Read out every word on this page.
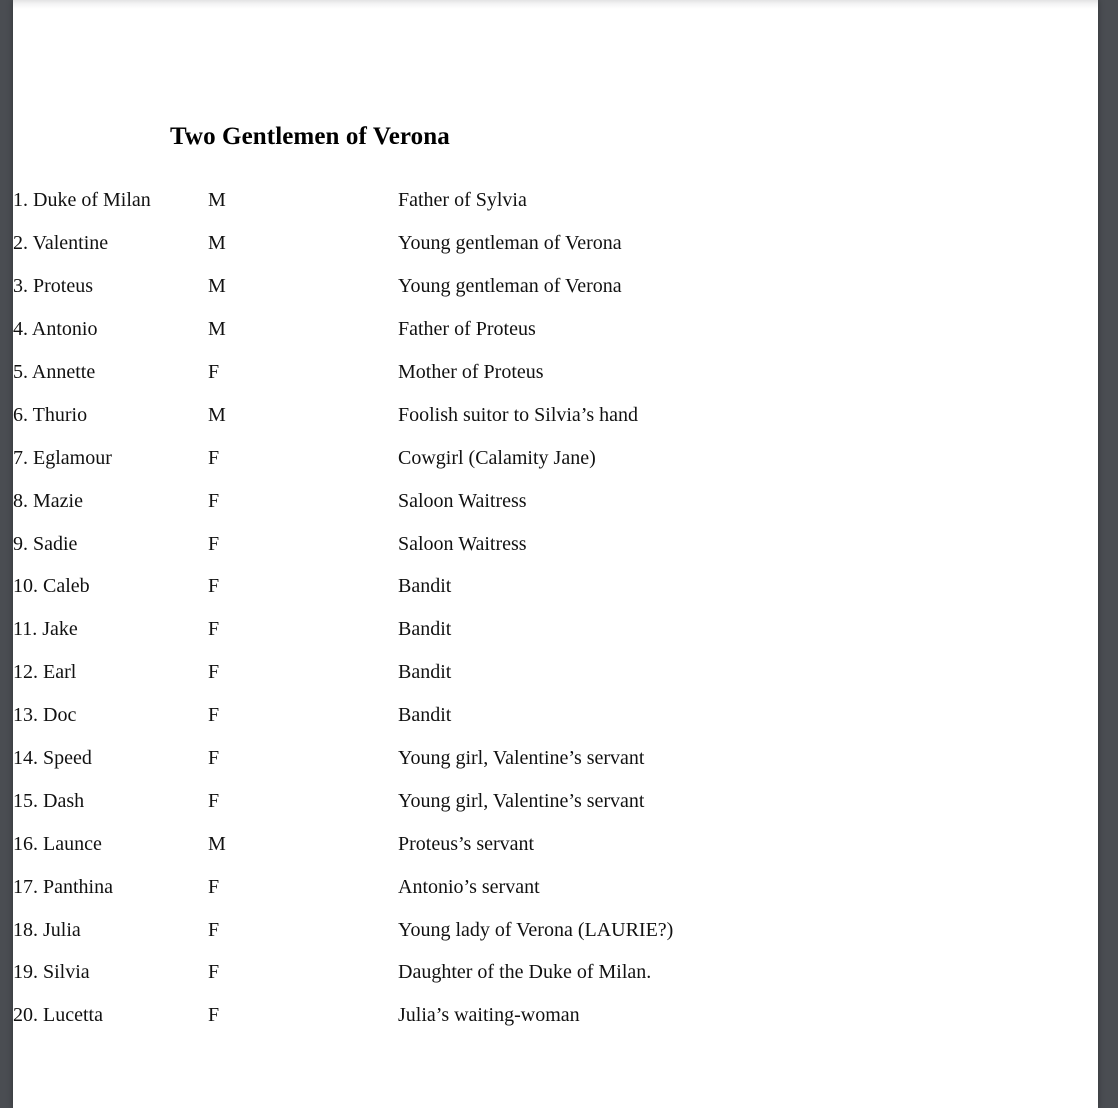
Two Gentlemen of Verona
1. Duke of Milan	M	Father of Sylvia
2. Valentine	M	Young gentleman of Verona
3. Proteus	M	Young gentleman of Verona
4. Antonio	M	Father of Proteus
5. Annette	F	Mother of Proteus
6. Thurio	M	Foolish suitor to Silvia’s hand
7. Eglamour	F	Cowgirl (Calamity Jane)
8. Mazie	F	Saloon Waitress
9. Sadie	F	Saloon Waitress
10. Caleb	F	Bandit
11. Jake	F	Bandit
12. Earl	F	Bandit
13. Doc	F	Bandit
14. Speed	F	Young girl, Valentine’s servant
15. Dash	F	Young girl, Valentine’s servant
16. Launce	M	Proteus’s servant
17. Panthina	F	Antonio’s servant
18. Julia	F	Young lady of Verona (LAURIE?)
19. Silvia	F	Daughter of the Duke of Milan.
20. Lucetta	F	Julia’s waiting-woman
